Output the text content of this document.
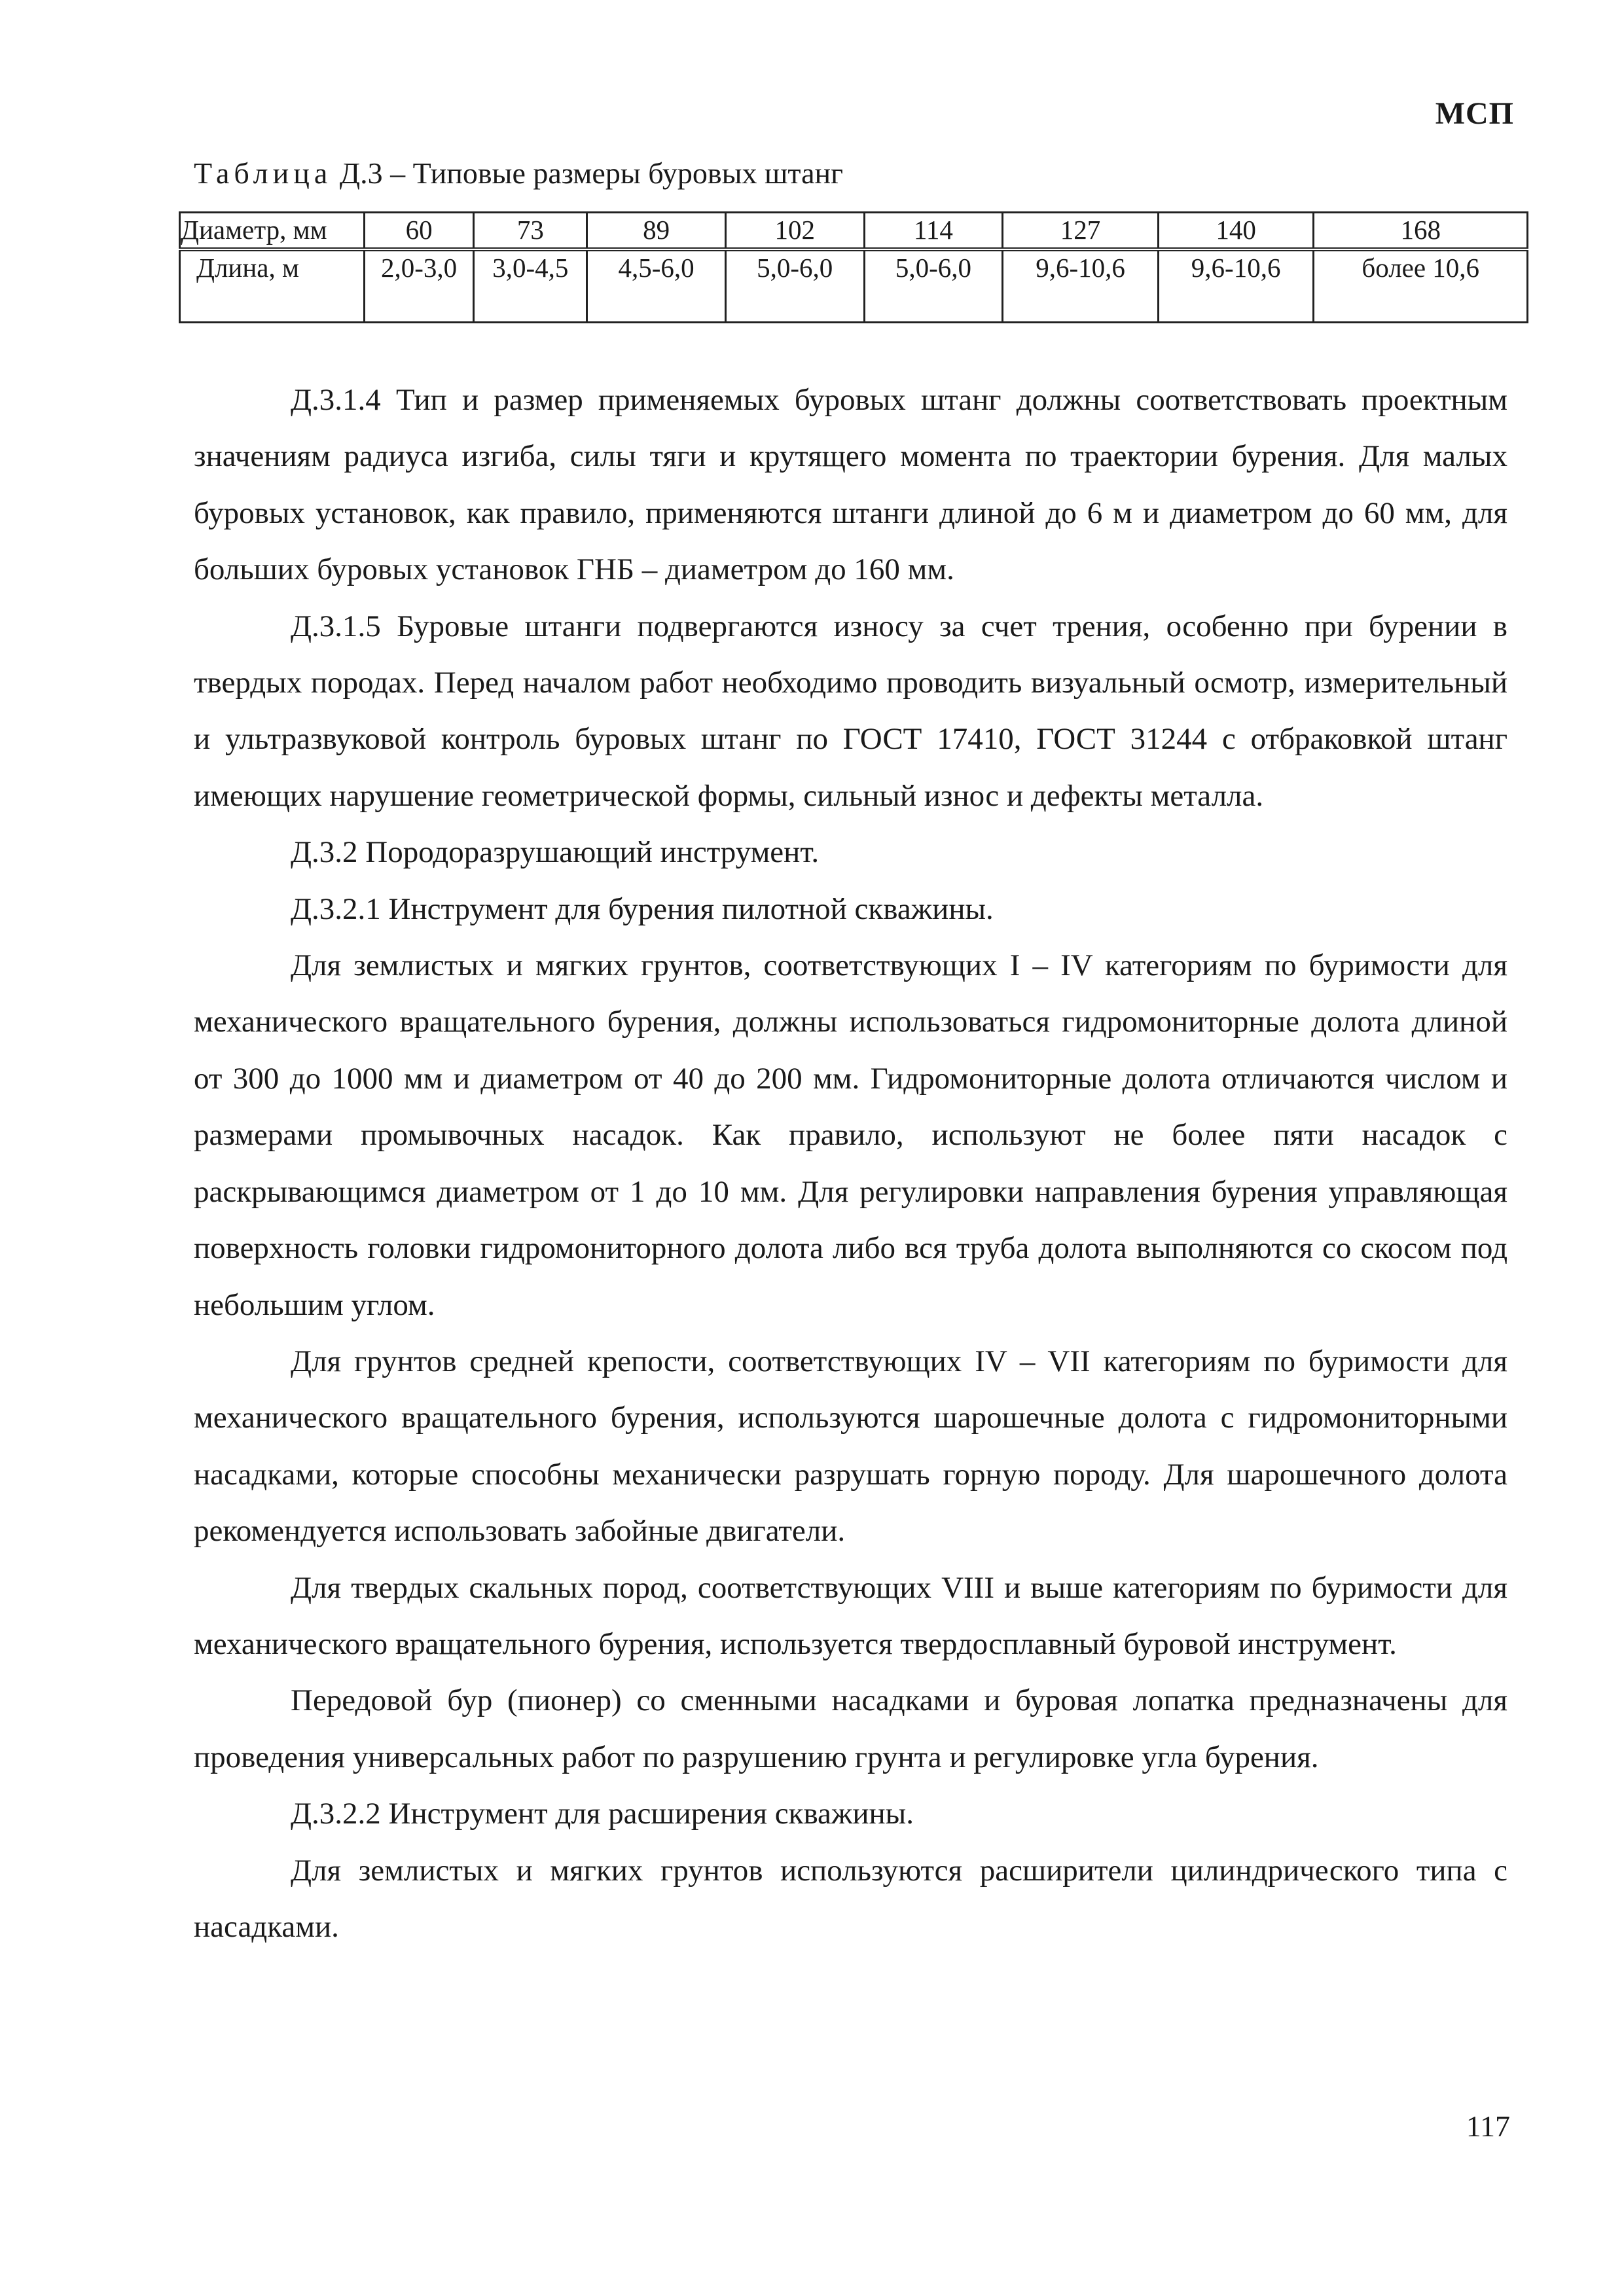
МСП
Таблица Д.3 – Типовые размеры буровых штанг
Диаметр, мм	60	73	89	102	114	127	140	168
Длина, м	2,0-3,0	3,0-4,5	4,5-6,0	5,0-6,0	5,0-6,0	9,6-10,6	9,6-10,6	более 10,6

Д.3.1.4 Тип и размер применяемых буровых штанг должны соответствовать проектным значениям радиуса изгиба, силы тяги и крутящего момента по траектории бурения. Для малых буровых установок, как правило, применяются штанги длиной до 6 м и диаметром до 60 мм, для больших буровых установок ГНБ – диаметром до 160 мм.

Д.3.1.5 Буровые штанги подвергаются износу за счет трения, особенно при бурении в твердых породах. Перед началом работ необходимо проводить визуальный осмотр, измерительный и ультразвуковой контроль буровых штанг по ГОСТ 17410, ГОСТ 31244 с отбраковкой штанг имеющих нарушение геометрической формы, сильный износ и дефекты металла.

Д.3.2 Породоразрушающий инструмент.

Д.3.2.1 Инструмент для бурения пилотной скважины.

Для землистых и мягких грунтов, соответствующих I – IV категориям по буримости для механического вращательного бурения, должны использоваться гидромониторные долота длиной от 300 до 1000 мм и диаметром от 40 до 200 мм. Гидромониторные долота отличаются числом и размерами промывочных насадок. Как правило, используют не более пяти насадок с раскрывающимся диаметром от 1 до 10 мм. Для регулировки направления бурения управляющая поверхность головки гидромониторного долота либо вся труба долота выполняются со скосом под небольшим углом.

Для грунтов средней крепости, соответствующих IV – VII категориям по буримости для механического вращательного бурения, используются шарошечные долота с гидромониторными насадками, которые способны механически разрушать горную породу. Для шарошечного долота рекомендуется использовать забойные двигатели.

Для твердых скальных пород, соответствующих VIII и выше категориям по буримости для механического вращательного бурения, используется твердосплавный буровой инструмент.

Передовой бур (пионер) со сменными насадками и буровая лопатка предназначены для проведения универсальных работ по разрушению грунта и регулировке угла бурения.

Д.3.2.2 Инструмент для расширения скважины.

Для землистых и мягких грунтов используются расширители цилиндрического типа с насадками.

117
